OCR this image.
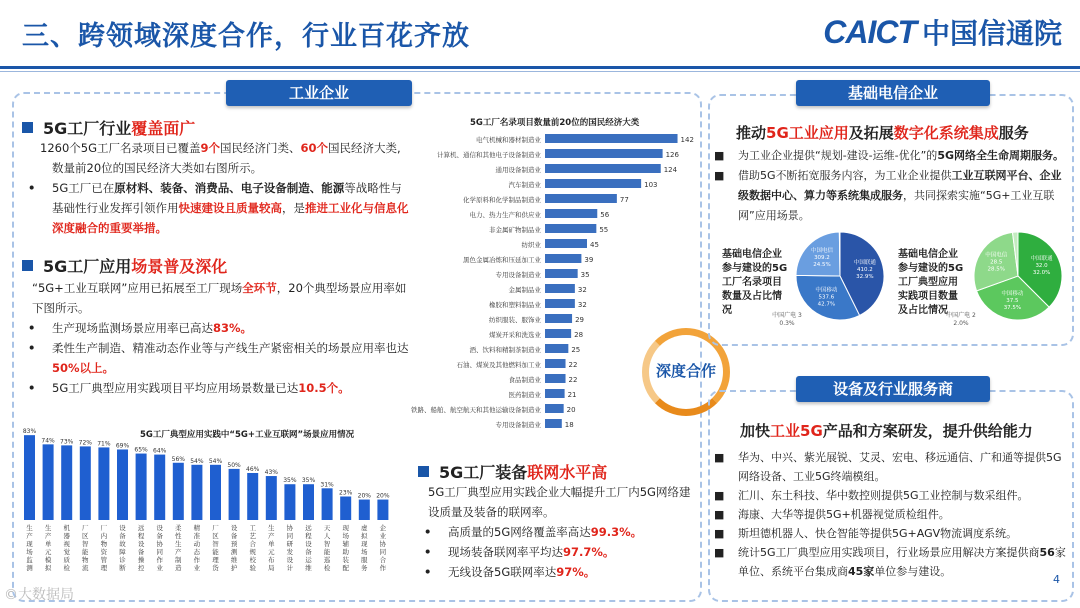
三、跨领域深度合作，行业百花齐放	CAICT 中国信通院
工业企业
5G工厂行业覆盖面广
1260个5G工厂名录项目已覆盖9个国民经济门类、60个国民经济大类,数量前20位的国民经济大类如右图所示。
• 5G工厂已在原材料、装备、消费品、电子设备制造、能源等战略性与基础性行业发挥引领作用快速建设且质量较高，是推进工业化与信息化深度融合的重要举措。
5G工厂应用场景普及深化
“5G+工业互联网”应用已拓展至工厂现场全环节，20个典型场景应用率如下图所示。
• 生产现场监测场景应用率已高达83%。
• 柔性生产制造、精准动态作业等与产线生产紧密相关的场景应用率也达50%以上。
• 5G工厂典型应用实践项目平均应用场景数量已达10.5个。
5G工厂名录项目数量前20位的国民经济大类
电气机械和器材制造业	142
计算机、通信和其他电子设备制造业	126
通用设备制造业	124
汽车制造业	103
化学原料和化学制品制造业	77
电力、热力生产和供应业	56
非金属矿物制品业	55
纺织业	45
黑色金属冶炼和压延加工业	39
专用设备制造业	35
金属制品业	32
橡胶和塑料制品业	32
纺织服装、服饰业	29
煤炭开采和洗选业	28
酒、饮料和精制茶制造业	25
石油、煤炭及其他燃料加工业	22
食品制造业	22
医药制造业	21
铁路、船舶、航空航天和其他运输设备制造业	20
专用设备制造业	18
5G工厂典型应用实践中“5G+工业互联网”场景应用情况
83%
生产现场监测
74%
生产单元模拟
73%
机器视觉质检
72%
厂区智能物流
71%
厂内物资管理
69%
设备故障诊断
65%
远程设备操控
64%
设备协同作业
56%
柔性生产制造
54%
精准动态作业
54%
厂区智能理货
50%
设备预测维护
46%
工艺合规校验
43%
生产单元布局
35%
协同研发设计
35%
远程设备运维
31%
天人智能巡检
23%
现场辅助装配
20%
虚拟现场服务
20%
企业协同合作
5G工厂装备联网水平高
5G工厂典型应用实践企业大幅提升工厂内5G网络建设质量及装备的联网率。
• 高质量的5G网络覆盖率高达99.3%。
• 现场装备联网率平均达97.7%。
• 无线设备5G联网率达97%。
深度合作
基础电信企业
推动5G工业应用及拓展数字化系统集成服务
■ 为工业企业提供“规划-建设-运维-优化”的5G网络全生命周期服务。
■ 借助5G不断拓宽服务内容，为工业企业提供工业互联网平台、企业级数据中心、算力等系统集成服务，共同探索实施“5G+工业互联网”应用场景。
基础电信企业参与建设的5G工厂名录项目数量及占比情况
中国联通 410.2 32.9%
中国移动 537.6 42.7%
中国电信 309.2 24.5%
基础电信企业参与建设的5G工厂典型应用实践项目数量及占比情况
中国联通 32.0 32.0%
中国移动 37.5 37.5%
中国电信 28.5 28.5%
中国广电 3 0.3%
中国广电 2 2.0%
设备及行业服务商
加快工业5G产品和方案研发，提升供给能力
■ 华为、中兴、紫光展锐、艾灵、宏电、移远通信、广和通等提供5G网络设备、工业5G终端模组。
■ 汇川、东土科技、华中数控则提供5G工业控制与数采组件。
■ 海康、大华等提供5G+机器视觉质检组件。
■ 斯坦德机器人、快仓智能等提供5G+AGV物流调度系统。
■ 统计5G工厂典型应用实践项目，行业场景应用解决方案提供商56家单位、系统平台集成商45家单位参与建设。
©大数据局
4
